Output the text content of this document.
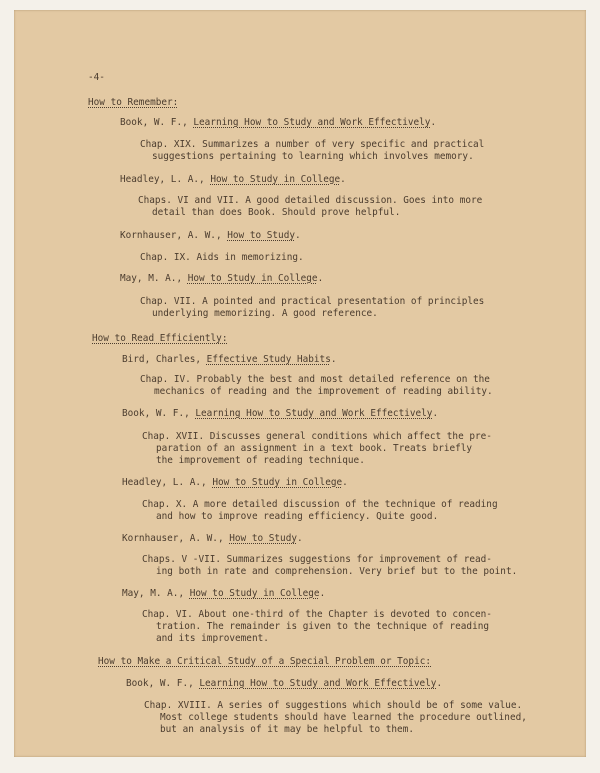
-4-
How to Remember:
Book, W. F., Learning How to Study and Work Effectively.
Chap. XIX. Summarizes a number of very specific and practical
suggestions pertaining to learning which involves memory.
Headley, L. A., How to Study in College.
Chaps. VI and VII. A good detailed discussion. Goes into more
detail than does Book. Should prove helpful.
Kornhauser, A. W., How to Study.
Chap. IX. Aids in memorizing.
May, M. A., How to Study in College.
Chap. VII. A pointed and practical presentation of principles
underlying memorizing. A good reference.
How to Read Efficiently:
Bird, Charles, Effective Study Habits.
Chap. IV. Probably the best and most detailed reference on the
mechanics of reading and the improvement of reading ability.
Book, W. F., Learning How to Study and Work Effectively.
Chap. XVII. Discusses general conditions which affect the pre-
paration of an assignment in a text book. Treats briefly
the improvement of reading technique.
Headley, L. A., How to Study in College.
Chap. X. A more detailed discussion of the technique of reading
and how to improve reading efficiency. Quite good.
Kornhauser, A. W., How to Study.
Chaps. V -VII. Summarizes suggestions for improvement of read-
ing both in rate and comprehension. Very brief but to the point.
May, M. A., How to Study in College.
Chap. VI. About one-third of the Chapter is devoted to concen-
tration. The remainder is given to the technique of reading
and its improvement.
How to Make a Critical Study of a Special Problem or Topic:
Book, W. F., Learning How to Study and Work Effectively.
Chap. XVIII. A series of suggestions which should be of some value.
Most college students should have learned the procedure outlined,
but an analysis of it may be helpful to them.
